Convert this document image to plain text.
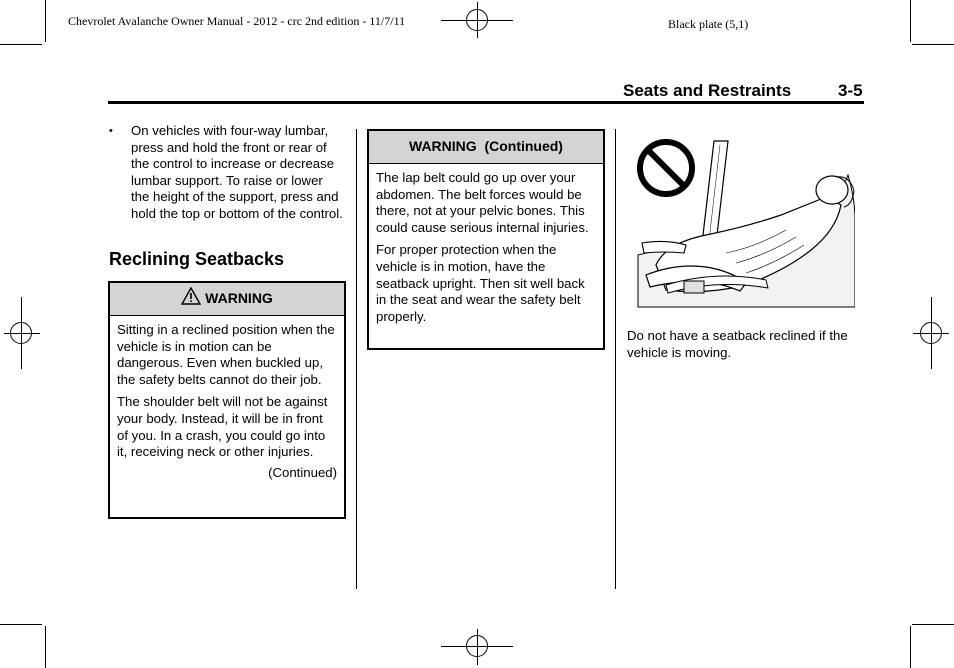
Chevrolet Avalanche Owner Manual - 2012 - crc 2nd edition - 11/7/11	Black plate (5,1)
Seats and Restraints	3-5
• On vehicles with four-way lumbar, press and hold the front or rear of the control to increase or decrease lumbar support. To raise or lower the height of the support, press and hold the top or bottom of the control.
Reclining Seatbacks
WARNING

Sitting in a reclined position when the vehicle is in motion can be dangerous. Even when buckled up, the safety belts cannot do their job.

The shoulder belt will not be against your body. Instead, it will be in front of you. In a crash, you could go into it, receiving neck or other injuries.

(Continued)
WARNING  (Continued)

The lap belt could go up over your abdomen. The belt forces would be there, not at your pelvic bones. This could cause serious internal injuries.

For proper protection when the vehicle is in motion, have the seatback upright. Then sit well back in the seat and wear the safety belt properly.

Do not have a seatback reclined if the vehicle is moving.
